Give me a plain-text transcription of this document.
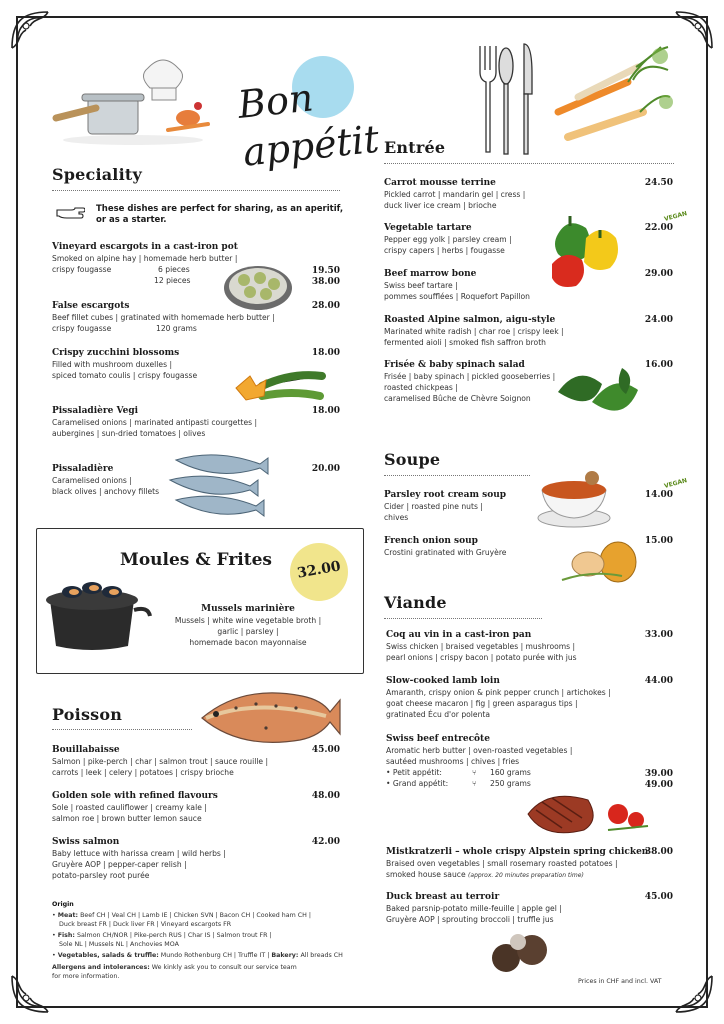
Bon appétit
Speciality
These dishes are perfect for sharing, as an aperitif,
or as a starter.
Vineyard escargots in a cast-iron pot
Smoked on alpine hay | homemade herb butter |
crispy fougasse	6 pieces
12 pieces

19.50
38.00
False escargots
Beef fillet cubes | gratinated with homemade herb butter |
crispy fougasse	120 grams
28.00
Crispy zucchini blossoms
Filled with mushroom duxelles |
spiced tomato coulis | crispy fougasse
18.00
Pissaladière Vegi
Caramelised onions | marinated antipasti courgettes |
aubergines | sun-dried tomatoes | olives
18.00
Pissaladière
Caramelised onions |
black olives | anchovy fillets
20.00
Moules & Frites	32.00
Mussels marinière
Mussels | white wine vegetable broth |
garlic | parsley |
homemade bacon mayonnaise
Poisson
Bouillabaisse
Salmon | pike-perch | char | salmon trout | sauce rouille |
carrots | leek | celery | potatoes | crispy brioche
45.00
Golden sole with refined flavours
Sole | roasted cauliflower | creamy kale |
salmon roe | brown butter lemon sauce
48.00
Swiss salmon
Baby lettuce with harissa cream | wild herbs |
Gruyère AOP | pepper-caper relish |
potato-parsley root purée
42.00
Origin
• Meat: Beef CH | Veal CH | Lamb IE | Chicken SVN | Bacon CH | Cooked ham CH |
Duck breast FR | Duck liver FR | Vineyard escargots FR
• Fish: Salmon CH/NOR | Pike-perch RUS | Char IS | Salmon trout FR |
Sole NL | Mussels NL | Anchovies MOA
• Vegetables, salads & truffle: Mundo Rothenburg CH | Truffle IT | Bakery: All breads CH
Allergens and intolerances: We kinkly ask you to consult our service team
for more information.
Entrée
Carrot mousse terrine
Pickled carrot | mandarin gel | cress |
duck liver ice cream | brioche
24.50
Vegetable tartare
Pepper egg yolk | parsley cream |
crispy capers | herbs | fougasse
22.00
VEGAN
Beef marrow bone
Swiss beef tartare |
pommes soufflées | Roquefort Papillon
29.00
Roasted Alpine salmon, aigu-style
Marinated white radish | char roe | crispy leek |
fermented aioli | smoked fish saffron broth
24.00
Frisée & baby spinach salad
Frisée | baby spinach | pickled gooseberries |
roasted chickpeas |
caramelised Bûche de Chèvre Soignon
16.00
Soupe
Parsley root cream soup
Cider | roasted pine nuts |
chives
14.00
VEGAN
French onion soup
Crostini gratinated with Gruyère
15.00
Viande
Coq au vin in a cast-iron pan
Swiss chicken | braised vegetables | mushrooms |
pearl onions | crispy bacon | potato purée with jus
33.00
Slow-cooked lamb loin
Amaranth, crispy onion & pink pepper crunch | artichokes |
goat cheese macaron | fig | green asparagus tips |
gratinated Écu d'or polenta
44.00
Swiss beef entrecôte
Aromatic herb butter | oven-roasted vegetables |
sautéed mushrooms | chives | fries
• Petit appétit:	⑂ 160 grams
• Grand appétit:	⑂ 250 grams
39.00
49.00
Mistkratzerli – whole crispy Alpstein spring chicken
Braised oven vegetables | small rosemary roasted potatoes |
smoked house sauce (approx. 20 minutes preparation time)
38.00
Duck breast au terroir
Baked parsnip-potato mille-feuille | apple gel |
Gruyère AOP | sprouting broccoli | truffle jus
45.00
Prices in CHF and incl. VAT
